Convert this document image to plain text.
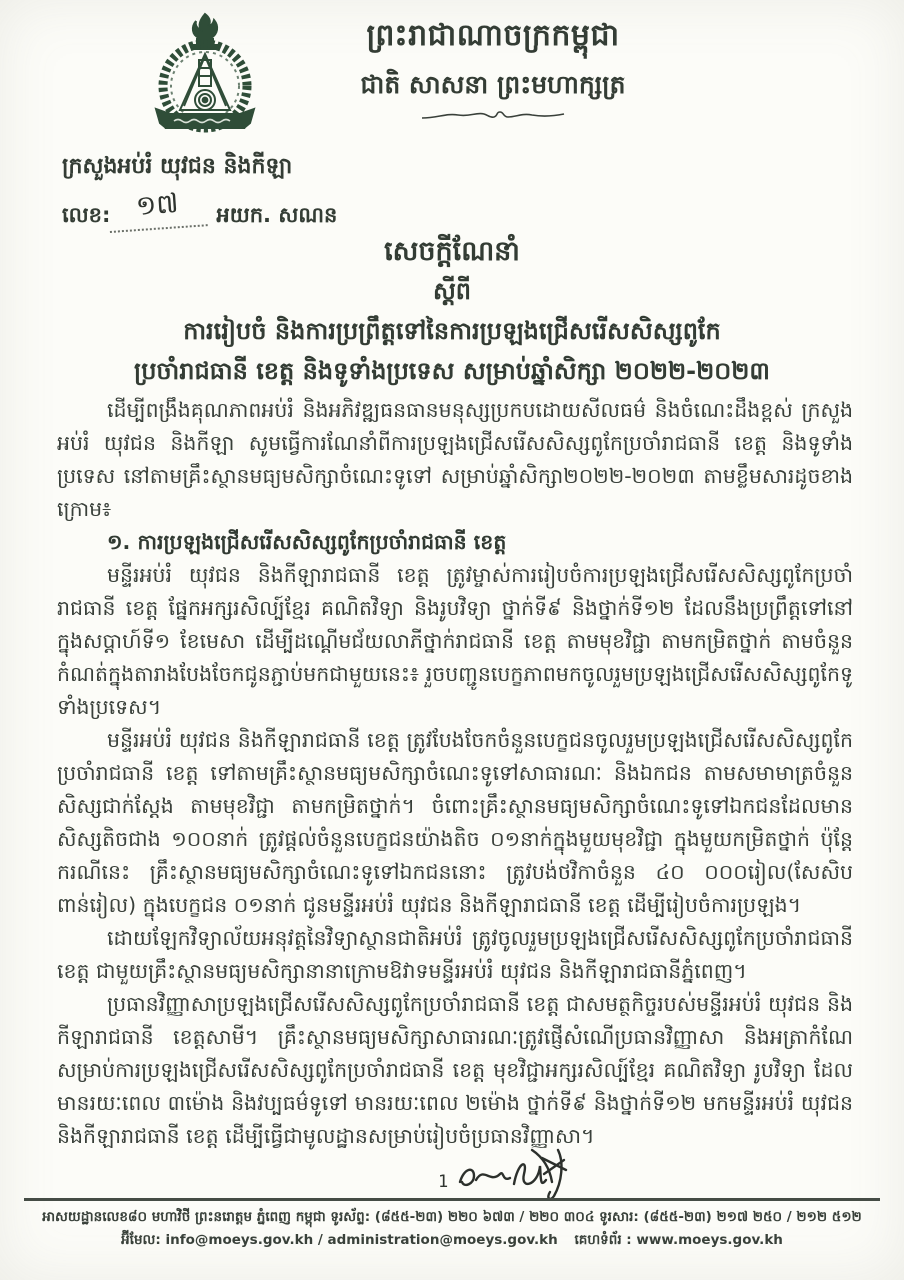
ព្រះរាជាណាចក្រកម្ពុជា
ជាតិ សាសនា ព្រះមហាក្សត្រ
ក្រសួងអប់រំ យុវជន និងកីឡា
លេខ: ១៧	អយក. សណន
សេចក្តីណែនាំ
ស្តីពី
ការរៀបចំ និងការប្រព្រឹត្តទៅនៃការប្រឡងជ្រើសរើសសិស្សពូកែ
ប្រចាំរាជធានី ខេត្ត និងទូទាំងប្រទេស សម្រាប់ឆ្នាំសិក្សា ២០២២-២០២៣

ដើម្បីពង្រឹងគុណភាពអប់រំ និងអភិវឌ្ឍធនធានមនុស្សប្រកបដោយសីលធម៌ និងចំណេះដឹងខ្ពស់ ក្រសួងអប់រំ យុវជន និងកីឡា សូមធ្វើការណែនាំពីការប្រឡងជ្រើសរើសសិស្សពូកែប្រចាំរាជធានី ខេត្ត និងទូទាំងប្រទេស នៅតាមគ្រឹះស្ថានមធ្យមសិក្សាចំណេះទូទៅ សម្រាប់ឆ្នាំសិក្សា២០២២-២០២៣ តាមខ្លឹមសារដូចខាងក្រោម៖

១. ការប្រឡងជ្រើសរើសសិស្សពូកែប្រចាំរាជធានី ខេត្ត

មន្ទីរអប់រំ យុវជន និងកីឡារាជធានី ខេត្ត ត្រូវម្ចាស់ការរៀបចំការប្រឡងជ្រើសរើសសិស្សពូកែប្រចាំរាជធានី ខេត្ត ផ្នែកអក្សរសិល្ប៍ខ្មែរ គណិតវិទ្យា និងរូបវិទ្យា ថ្នាក់ទី៩ និងថ្នាក់ទី១២ ដែលនឹងប្រព្រឹត្តទៅនៅក្នុងសប្តាហ៍ទី១ ខែមេសា ដើម្បីដណ្តើមជ័យលាភីថ្នាក់រាជធានី ខេត្ត តាមមុខវិជ្ជា តាមកម្រិតថ្នាក់ តាមចំនួនកំណត់ក្នុងតារាងបែងចែកជូនភ្ជាប់មកជាមួយនេះ៖ រួចបញ្ជូនបេក្ខភាពមកចូលរួមប្រឡងជ្រើសរើសសិស្សពូកែទូទាំងប្រទេស។

មន្ទីរអប់រំ យុវជន និងកីឡារាជធានី ខេត្ត ត្រូវបែងចែកចំនួនបេក្ខជនចូលរួមប្រឡងជ្រើសរើសសិស្សពូកែប្រចាំរាជធានី ខេត្ត ទៅតាមគ្រឹះស្ថានមធ្យមសិក្សាចំណេះទូទៅសាធារណៈ និងឯកជន តាមសមាមាត្រចំនួនសិស្សជាក់ស្តែង តាមមុខវិជ្ជា តាមកម្រិតថ្នាក់។ ចំពោះគ្រឹះស្ថានមធ្យមសិក្សាចំណេះទូទៅឯកជនដែលមានសិស្សតិចជាង ១០០នាក់ ត្រូវផ្តល់ចំនួនបេក្ខជនយ៉ាងតិច ០១នាក់ក្នុងមួយមុខវិជ្ជា ក្នុងមួយកម្រិតថ្នាក់ ប៉ុន្តែករណីនេះ គ្រឹះស្ថានមធ្យមសិក្សាចំណេះទូទៅឯកជននោះ ត្រូវបង់ថវិកាចំនួន ៤០ ០០០រៀល(សែសិបពាន់រៀល) ក្នុងបេក្ខជន ០១នាក់ ជូនមន្ទីរអប់រំ យុវជន និងកីឡារាជធានី ខេត្ត ដើម្បីរៀបចំការប្រឡង។

ដោយឡែកវិទ្យាល័យអនុវត្តនៃវិទ្យាស្ថានជាតិអប់រំ ត្រូវចូលរួមប្រឡងជ្រើសរើសសិស្សពូកែប្រចាំរាជធានី ខេត្ត ជាមួយគ្រឹះស្ថានមធ្យមសិក្សានានាក្រោមឱវាទមន្ទីរអប់រំ យុវជន និងកីឡារាជធានីភ្នំពេញ។

ប្រធានវិញ្ញាសាប្រឡងជ្រើសរើសសិស្សពូកែប្រចាំរាជធានី ខេត្ត ជាសមត្ថកិច្ចរបស់មន្ទីរអប់រំ យុវជន និងកីឡារាជធានី ខេត្តសាមី។ គ្រឹះស្ថានមធ្យមសិក្សាសាធារណៈត្រូវផ្ញើសំណើប្រធានវិញ្ញាសា និងអត្រាកំណែសម្រាប់ការប្រឡងជ្រើសរើសសិស្សពូកែប្រចាំរាជធានី ខេត្ត មុខវិជ្ជាអក្សរសិល្ប៍ខ្មែរ គណិតវិទ្យា រូបវិទ្យា ដែលមានរយៈពេល ៣ម៉ោង និងវប្បធម៌ទូទៅ មានរយៈពេល ២ម៉ោង ថ្នាក់ទី៩ និងថ្នាក់ទី១២ មកមន្ទីរអប់រំ យុវជន និងកីឡារាជធានី ខេត្ត ដើម្បីធ្វើជាមូលដ្ឋានសម្រាប់រៀបចំប្រធានវិញ្ញាសា។

1
អាសយដ្ឋានលេខ៨០ មហាវិថី ព្រះនរោត្តម ភ្នំពេញ កម្ពុជា ទូរស័ព្ទ: (៨៥៥-២៣) ២២០ ៦៧៣ / ២២០ ៣០៤ ទូរសារ: (៨៥៥-២៣) ២១៧ ២៥០ / ២១២ ៥១២
អ៊ីមែល: info@moeys.gov.kh / administration@moeys.gov.kh គេហទំព័រ : www.moeys.gov.kh
